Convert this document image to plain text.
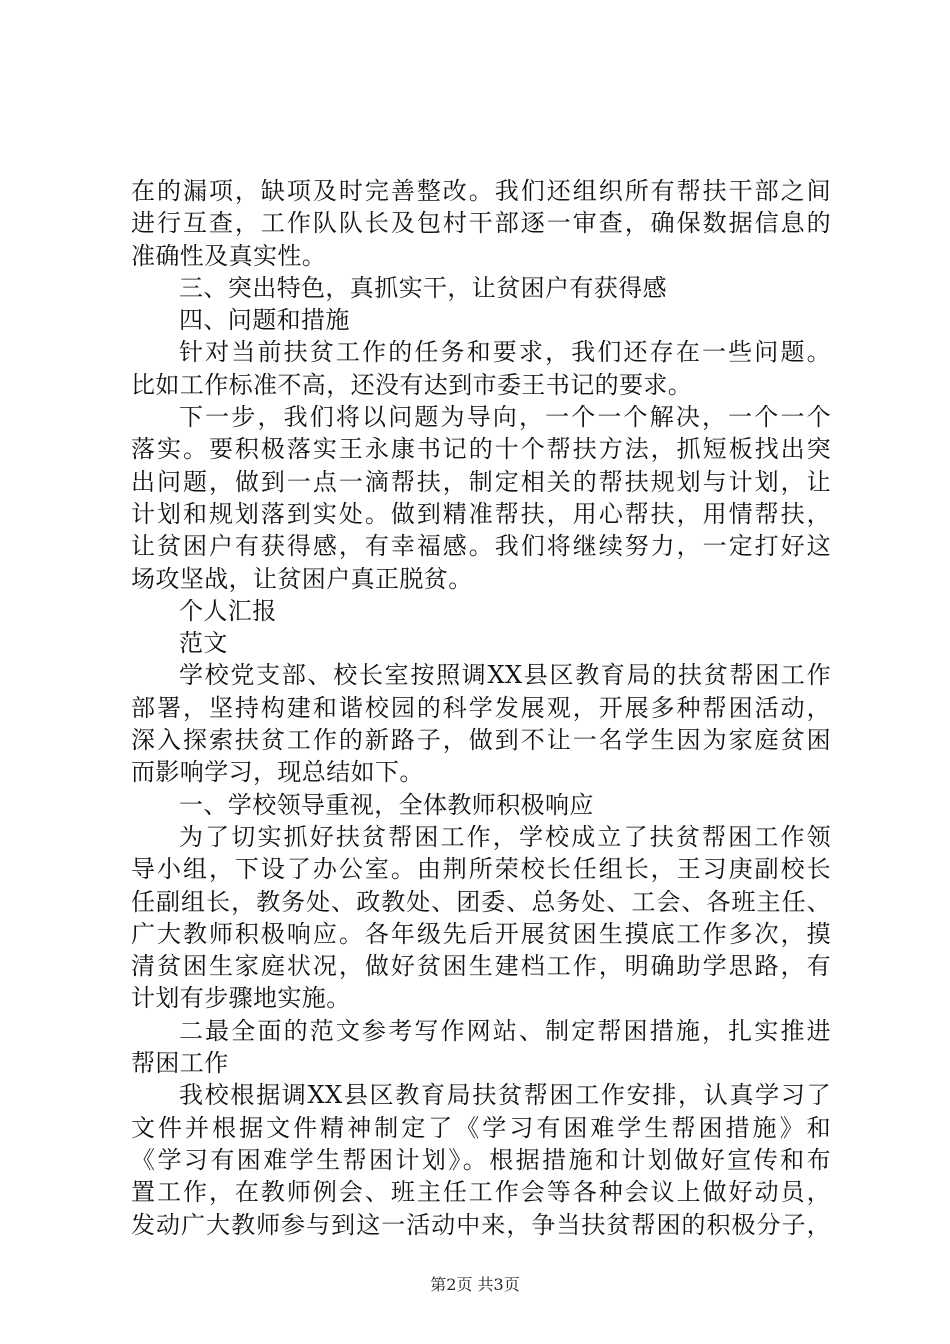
在的漏项，缺项及时完善整改。我们还组织所有帮扶干部之间
进行互查，工作队队长及包村干部逐一审查，确保数据信息的
准确性及真实性。
三、突出特色，真抓实干，让贫困户有获得感
四、问题和措施
针对当前扶贫工作的任务和要求，我们还存在一些问题。
比如工作标准不高，还没有达到市委王书记的要求。
下一步，我们将以问题为导向，一个一个解决，一个一个
落实。要积极落实王永康书记的十个帮扶方法，抓短板找出突
出问题，做到一点一滴帮扶，制定相关的帮扶规划与计划，让
计划和规划落到实处。做到精准帮扶，用心帮扶，用情帮扶，
让贫困户有获得感，有幸福感。我们将继续努力，一定打好这
场攻坚战，让贫困户真正脱贫。
个人汇报
范文
学校党支部、校长室按照调XX县区教育局的扶贫帮困工作
部署，坚持构建和谐校园的科学发展观，开展多种帮困活动，
深入探索扶贫工作的新路子，做到不让一名学生因为家庭贫困
而影响学习，现总结如下。
一、学校领导重视，全体教师积极响应
为了切实抓好扶贫帮困工作，学校成立了扶贫帮困工作领
导小组，下设了办公室。由荆所荣校长任组长，王习庚副校长
任副组长，教务处、政教处、团委、总务处、工会、各班主任、
广大教师积极响应。各年级先后开展贫困生摸底工作多次，摸
清贫困生家庭状况，做好贫困生建档工作，明确助学思路，有
计划有步骤地实施。
二最全面的范文参考写作网站、制定帮困措施，扎实推进
帮困工作
我校根据调XX县区教育局扶贫帮困工作安排，认真学习了
文件并根据文件精神制定了《学习有困难学生帮困措施》和
《学习有困难学生帮困计划》。根据措施和计划做好宣传和布
置工作，在教师例会、班主任工作会等各种会议上做好动员，
发动广大教师参与到这一活动中来，争当扶贫帮困的积极分子，
第2页 共3页
